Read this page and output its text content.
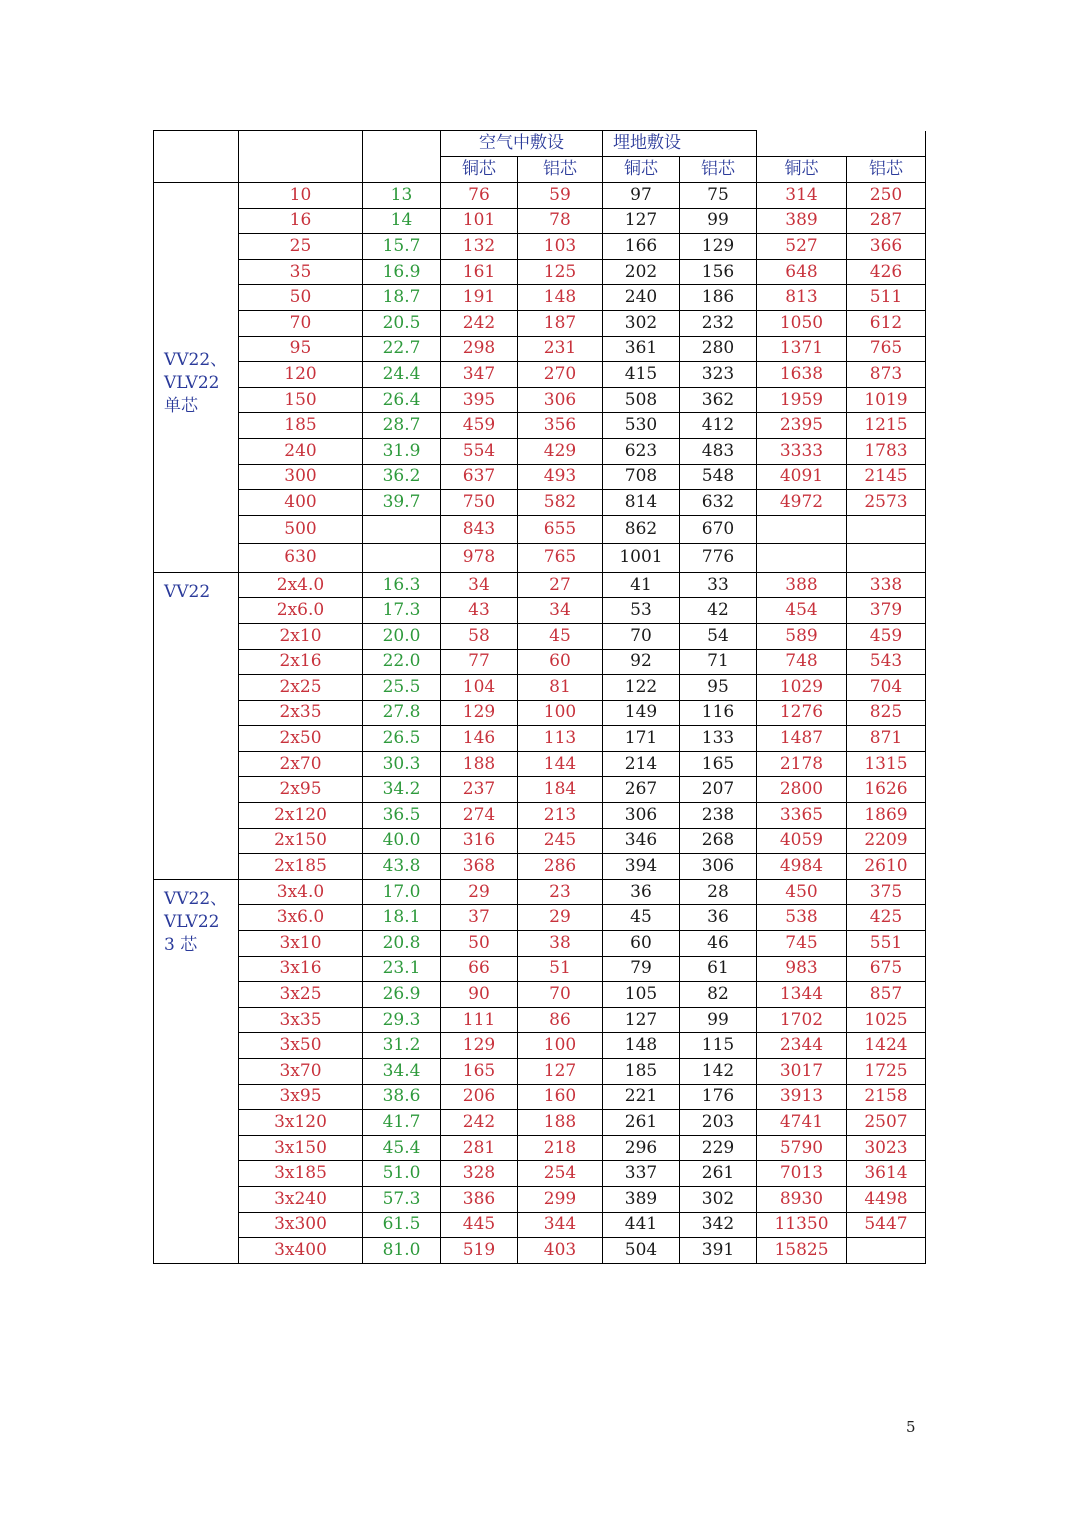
			空气中敷设		埋地敷设			
			铜芯	铝芯	铜芯	铝芯	铜芯	铝芯

VV22、
VLV22
单芯	10	13	76	59	97	75	314	250
	16	14	101	78	127	99	389	287
	25	15.7	132	103	166	129	527	366
	35	16.9	161	125	202	156	648	426
	50	18.7	191	148	240	186	813	511
	70	20.5	242	187	302	232	1050	612
	95	22.7	298	231	361	280	1371	765
	120	24.4	347	270	415	323	1638	873
	150	26.4	395	306	508	362	1959	1019
	185	28.7	459	356	530	412	2395	1215
	240	31.9	554	429	623	483	3333	1783
	300	36.2	637	493	708	548	4091	2145
	400	39.7	750	582	814	632	4972	2573
	500		843	655	862	670		
	630		978	765	1001	776		

VV22	2x4.0	16.3	34	27	41	33	388	338
	2x6.0	17.3	43	34	53	42	454	379
	2x10	20.0	58	45	70	54	589	459
	2x16	22.0	77	60	92	71	748	543
	2x25	25.5	104	81	122	95	1029	704
	2x35	27.8	129	100	149	116	1276	825
	2x50	26.5	146	113	171	133	1487	871
	2x70	30.3	188	144	214	165	2178	1315
	2x95	34.2	237	184	267	207	2800	1626
	2x120	36.5	274	213	306	238	3365	1869
	2x150	40.0	316	245	346	268	4059	2209
	2x185	43.8	368	286	394	306	4984	2610

VV22、
VLV22
3 芯	3x4.0	17.0	29	23	36	28	450	375
	3x6.0	18.1	37	29	45	36	538	425
	3x10	20.8	50	38	60	46	745	551
	3x16	23.1	66	51	79	61	983	675
	3x25	26.9	90	70	105	82	1344	857
	3x35	29.3	111	86	127	99	1702	1025
	3x50	31.2	129	100	148	115	2344	1424
	3x70	34.4	165	127	185	142	3017	1725
	3x95	38.6	206	160	221	176	3913	2158
	3x120	41.7	242	188	261	203	4741	2507
	3x150	45.4	281	218	296	229	5790	3023
	3x185	51.0	328	254	337	261	7013	3614
	3x240	57.3	386	299	389	302	8930	4498
	3x300	61.5	445	344	441	342	11350	5447
	3x400	81.0	519	403	504	391	15825	
5
